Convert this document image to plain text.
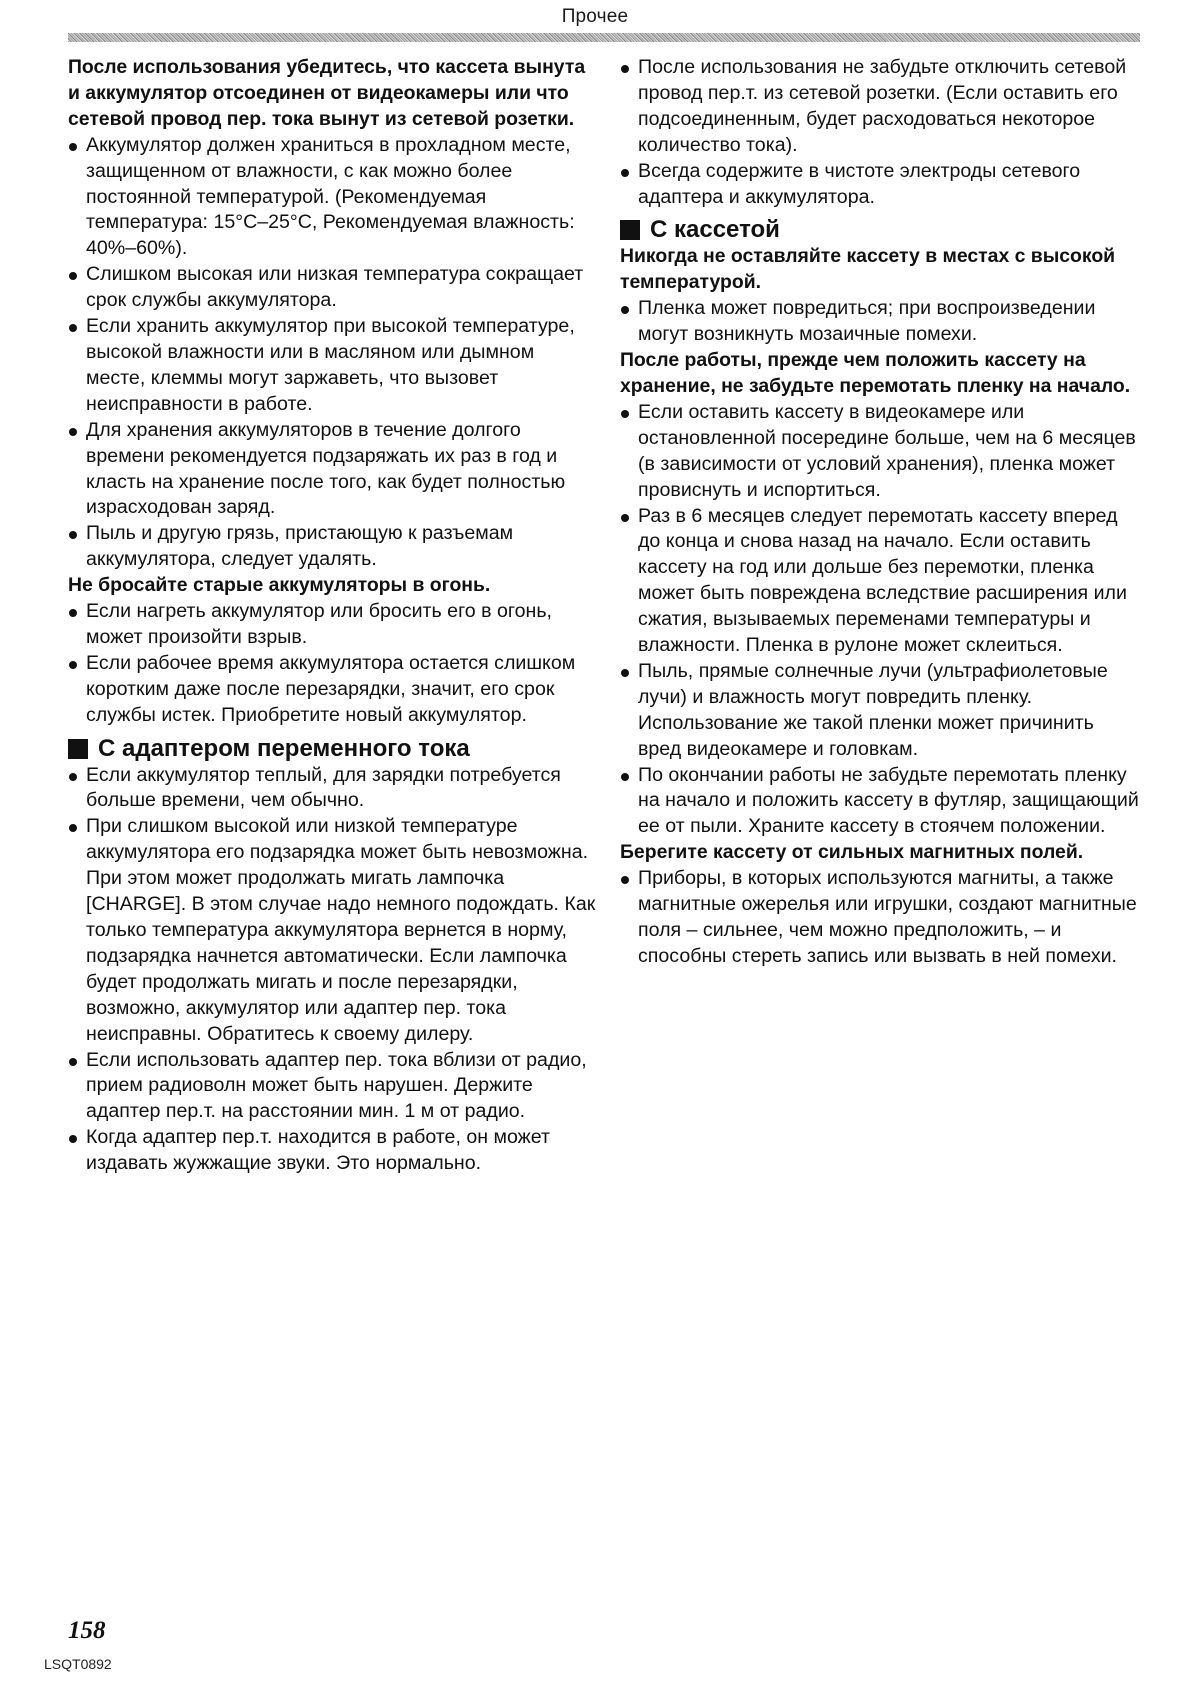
Прочее

После использования убедитесь, что кассета вынута и аккумулятор отсоединен от видеокамеры или что сетевой провод пер. тока вынут из сетевой розетки.

Аккумулятор должен храниться в прохладном месте, защищенном от влажности, с как можно более постоянной температурой. (Рекомендуемая температура: 15°C–25°C, Рекомендуемая влажность: 40%–60%).
Слишком высокая или низкая температура сокращает срок службы аккумулятора.
Если хранить аккумулятор при высокой температуре, высокой влажности или в масляном или дымном месте, клеммы могут заржаветь, что вызовет неисправности в работе.
Для хранения аккумуляторов в течение долгого времени рекомендуется подзаряжать их раз в год и класть на хранение после того, как будет полностью израсходован заряд.
Пыль и другую грязь, пристающую к разъемам аккумулятора, следует удалять.

Не бросайте старые аккумуляторы в огонь.

Если нагреть аккумулятор или бросить его в огонь, может произойти взрыв.
Если рабочее время аккумулятора остается слишком коротким даже после перезарядки, значит, его срок службы истек. Приобретите новый аккумулятор.
С адаптером переменного тока
Если аккумулятор теплый, для зарядки потребуется больше времени, чем обычно.
При слишком высокой или низкой температуре аккумулятора его подзарядка может быть невозможна. При этом может продолжать мигать лампочка [CHARGE]. В этом случае надо немного подождать. Как только температура аккумулятора вернется в норму, подзарядка начнется автоматически. Если лампочка будет продолжать мигать и после перезарядки, возможно, аккумулятор или адаптер пер. тока неисправны. Обратитесь к своему дилеру.
Если использовать адаптер пер. тока вблизи от радио, прием радиоволн может быть нарушен. Держите адаптер пер.т. на расстоянии мин. 1 м от радио.
Когда адаптер пер.т. находится в работе, он может издавать жужжащие звуки. Это нормально.
После использования не забудьте отключить сетевой провод пер.т. из сетевой розетки. (Если оставить его подсоединенным, будет расходоваться некоторое количество тока).
Всегда содержите в чистоте электроды сетевого адаптера и аккумулятора.
С кассетой

Никогда не оставляйте кассету в местах с высокой температурой.

Пленка может повредиться; при воспроизведении могут возникнуть мозаичные помехи.

После работы, прежде чем положить кассету на хранение, не забудьте перемотать пленку на начало.

Если оставить кассету в видеокамере или остановленной посередине больше, чем на 6 месяцев (в зависимости от условий хранения), пленка может провиснуть и испортиться.
Раз в 6 месяцев следует перемотать кассету вперед до конца и снова назад на начало. Если оставить кассету на год или дольше без перемотки, пленка может быть повреждена вследствие расширения или сжатия, вызываемых переменами температуры и влажности. Пленка в рулоне может склеиться.
Пыль, прямые солнечные лучи (ультрафиолетовые лучи) и влажность могут повредить пленку. Использование же такой пленки может причинить вред видеокамере и головкам.
По окончании работы не забудьте перемотать пленку на начало и положить кассету в футляр, защищающий ее от пыли. Храните кассету в стоячем положении.

Берегите кассету от сильных магнитных полей.

Приборы, в которых используются магниты, а также магнитные ожерелья или игрушки, создают магнитные поля – сильнее, чем можно предположить, – и способны стереть запись или вызвать в ней помехи.
158
LSQT0892
